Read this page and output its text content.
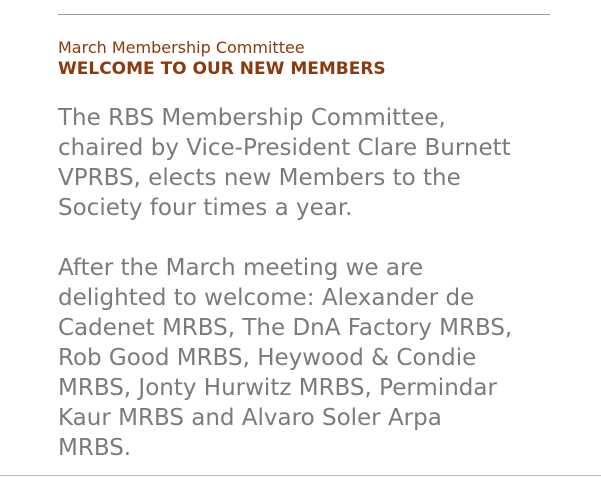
March Membership Committee

WELCOME TO OUR NEW MEMBERS

The RBS Membership Committee,
chaired by Vice-President Clare Burnett
VPRBS, elects new Members to the
Society four times a year.

After the March meeting we are
delighted to welcome: Alexander de
Cadenet MRBS, The DnA Factory MRBS,
Rob Good MRBS, Heywood & Condie
MRBS, Jonty Hurwitz MRBS, Permindar
Kaur MRBS and Alvaro Soler Arpa
MRBS.
